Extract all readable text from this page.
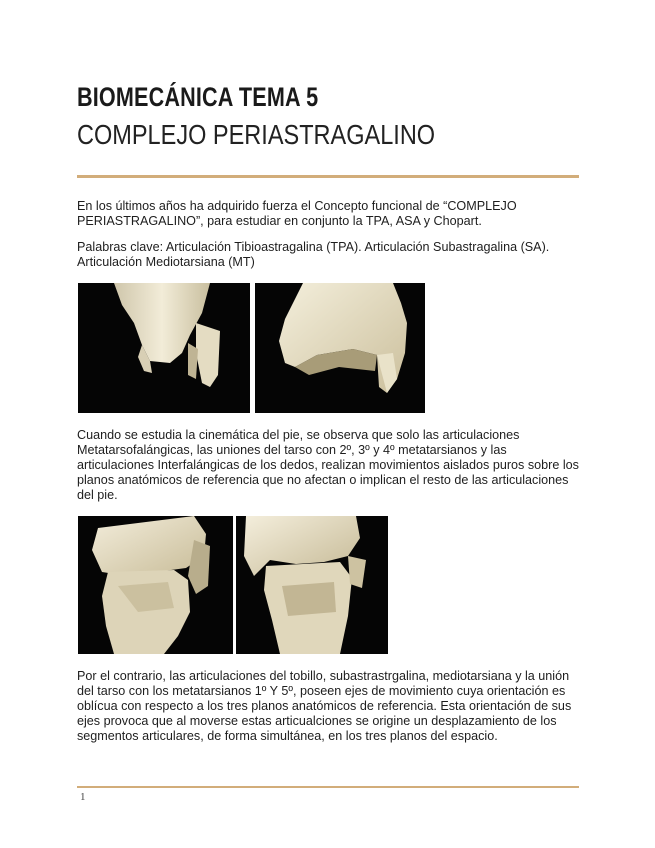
BIOMECÁNICA TEMA 5
COMPLEJO PERIASTRAGALINO

En los últimos años ha adquirido fuerza el Concepto funcional de “COMPLEJO PERIASTRAGALINO”, para estudiar en conjunto la TPA, ASA y Chopart.

Palabras clave: Articulación Tibioastragalina (TPA). Articulación Subastragalina (SA). Articulación Mediotarsiana (MT)

Cuando se estudia la cinemática del pie, se observa que solo las articulaciones Metatarsofalángicas, las uniones del tarso con 2º, 3º y 4º metatarsianos y las articulaciones Interfalángicas de los dedos, realizan movimientos aislados puros sobre los planos anatómicos de referencia que no afectan o implican el resto de las articulaciones del pie.

Por el contrario, las articulaciones del tobillo, subastrastrgalina, mediotarsiana y la unión del tarso con los metatarsianos 1º Y 5º, poseen ejes de movimiento cuya orientación es oblícua con respecto a los tres planos anatómicos de referencia. Esta orientación de sus ejes provoca que al moverse estas articualciones se origine un desplazamiento de los segmentos articulares, de forma simultánea, en los tres planos del espacio.

1
